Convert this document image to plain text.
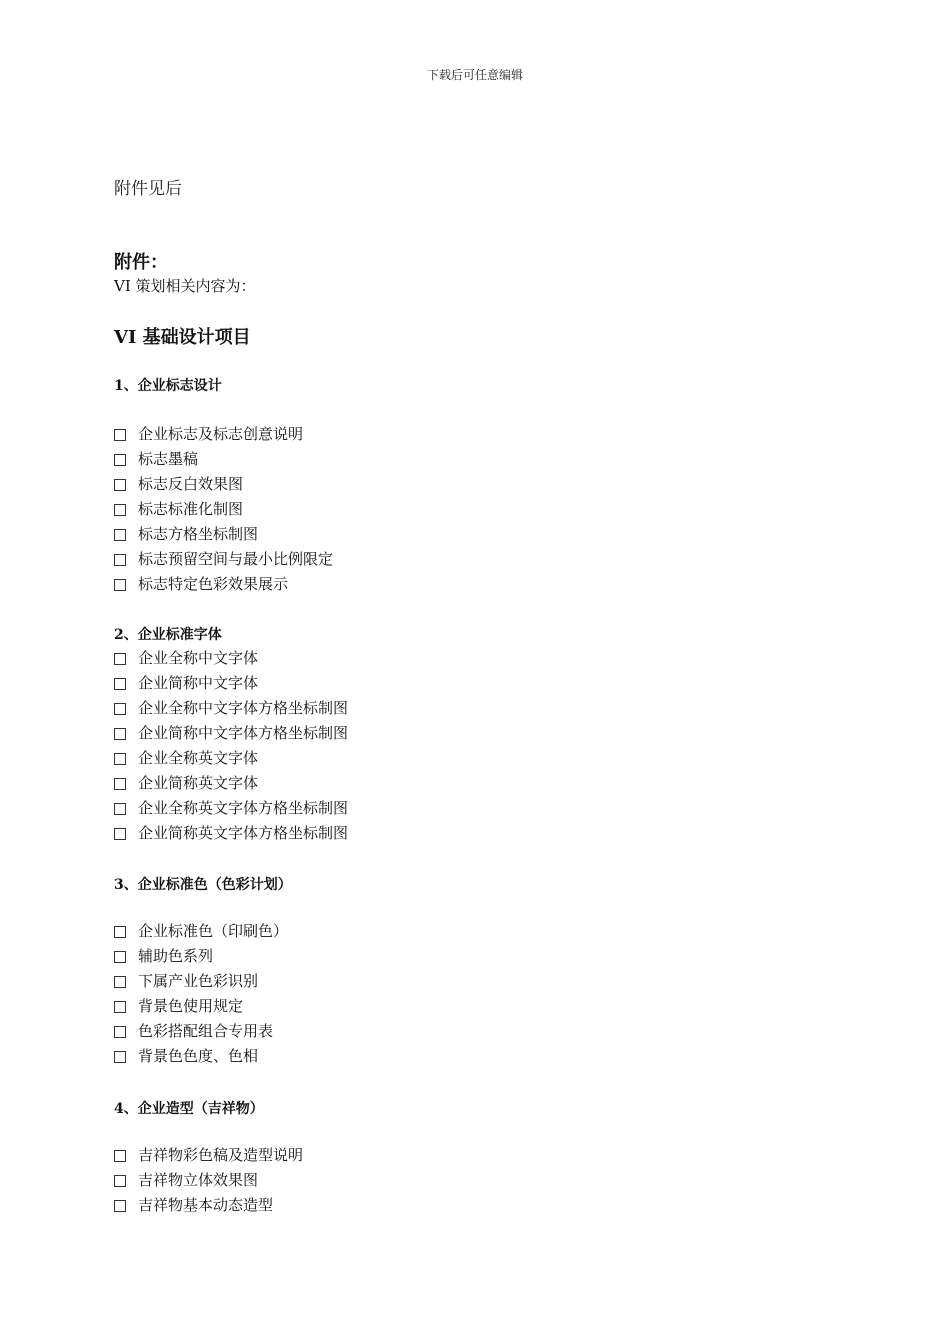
下载后可任意编辑
附件见后
附件：
VI 策划相关内容为：
VI 基础设计项目
1、企业标志设计
企业标志及标志创意说明
标志墨稿
标志反白效果图
标志标准化制图
标志方格坐标制图
标志预留空间与最小比例限定
标志特定色彩效果展示
2、企业标准字体
企业全称中文字体
企业简称中文字体
企业全称中文字体方格坐标制图
企业简称中文字体方格坐标制图
企业全称英文字体
企业简称英文字体
企业全称英文字体方格坐标制图
企业简称英文字体方格坐标制图
3、企业标准色（色彩计划）
企业标准色（印刷色）
辅助色系列
下属产业色彩识别
背景色使用规定
色彩搭配组合专用表
背景色色度、色相
4、企业造型（吉祥物）
吉祥物彩色稿及造型说明
吉祥物立体效果图
吉祥物基本动态造型
